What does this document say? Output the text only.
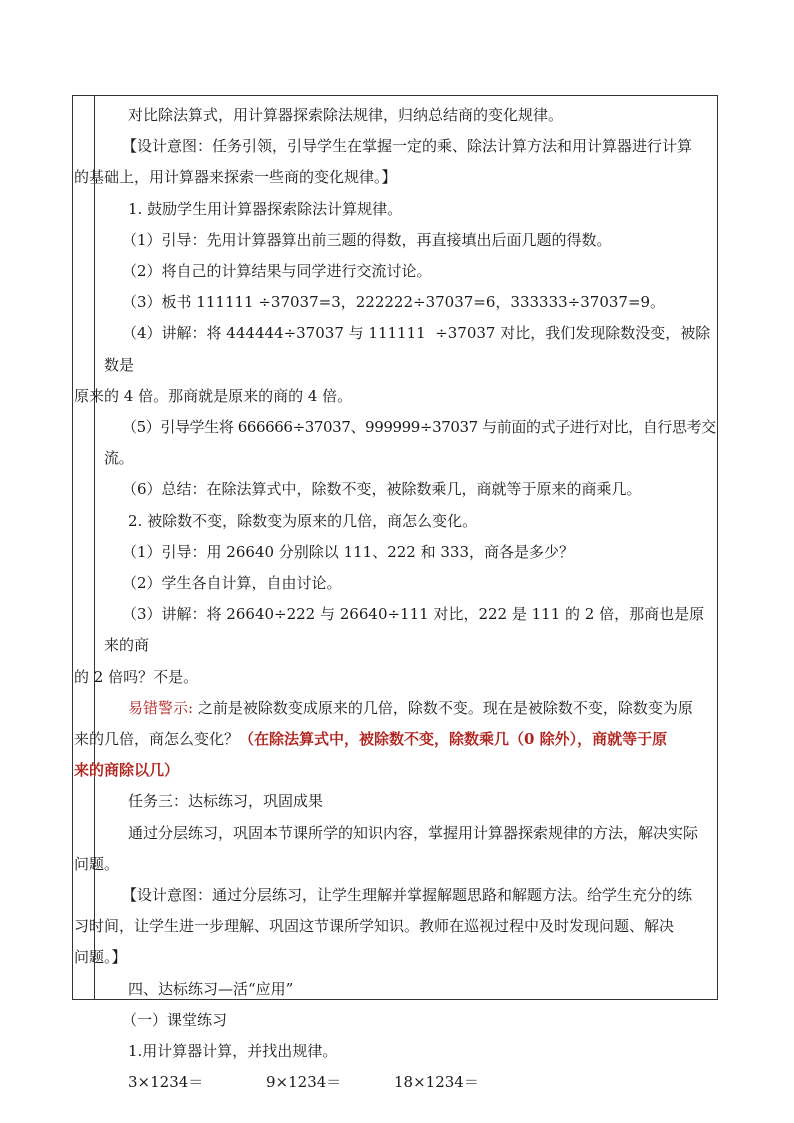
对比除法算式，用计算器探索除法规律，归纳总结商的变化规律。

【设计意图：任务引领，引导学生在掌握一定的乘、除法计算方法和用计算器进行计算

的基础上，用计算器来探索一些商的变化规律。】

1. 鼓励学生用计算器探索除法计算规律。

（1）引导：先用计算器算出前三题的得数，再直接填出后面几题的得数。

（2）将自己的计算结果与同学进行交流讨论。

（3）板书 111111 ÷37037=3，222222÷37037=6，333333÷37037=9。

（4）讲解：将 444444÷37037 与 111111  ÷37037 对比，我们发现除数没变，被除数是

原来的 4 倍。那商就是原来的商的 4 倍。

（5）引导学生将 666666÷37037、999999÷37037 与前面的式子进行对比，自行思考交流。

（6）总结：在除法算式中，除数不变，被除数乘几，商就等于原来的商乘几。

2. 被除数不变，除数变为原来的几倍，商怎么变化。

（1）引导：用 26640 分别除以 111、222 和 333，商各是多少？

（2）学生各自计算，自由讨论。

（3）讲解：将 26640÷222 与 26640÷111 对比，222 是 111 的 2 倍，那商也是原来的商

的 2 倍吗？不是。

易错警示: 之前是被除数变成原来的几倍，除数不变。现在是被除数不变，除数变为原

来的几倍，商怎么变化？（在除法算式中，被除数不变，除数乘几（0 除外），商就等于原

来的商除以几）

任务三：达标练习，巩固成果

通过分层练习，巩固本节课所学的知识内容，掌握用计算器探索规律的方法，解决实际

问题。

【设计意图：通过分层练习，让学生理解并掌握解题思路和解题方法。给学生充分的练

习时间，让学生进一步理解、巩固这节课所学知识。教师在巡视过程中及时发现问题、解决

问题。】

四、达标练习—活“应用”

（一）课堂练习

1.用计算器计算，并找出规律。

3×1234＝	9×1234＝	18×1234＝
